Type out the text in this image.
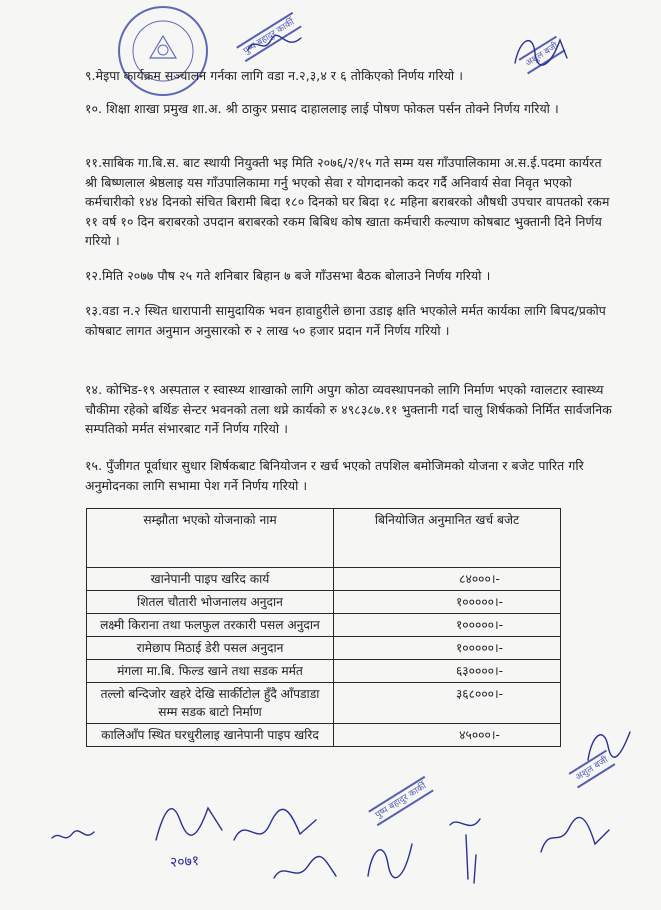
पुष्प बहादुर कार्की	अशुल बजी
९.मेइपा कार्यक्रम सञ्चालन गर्नका लागि वडा न.२,३,४ र ६ तोकिएको निर्णय गरियो ।
१०. शिक्षा शाखा प्रमुख शा.अ. श्री ठाकुर प्रसाद दाहाललाइ लाई पोषण फोकल पर्सन तोक्ने निर्णय गरियो ।
११.साबिक गा.बि.स. बाट स्थायी नियुक्ती भइ मिति २०७६/२/१५ गते सम्म यस गाँउपालिकामा अ.स.ई.पदमा कार्यरत श्री बिष्णलाल श्रेष्ठलाइ यस गाँउपालिकामा गर्नु भएको सेवा र योगदानको कदर गर्दै अनिवार्य सेवा निवृत भएको कर्मचारीको १४४ दिनको संचित बिरामी बिदा १८० दिनको घर बिदा १८ महिना बराबरको औषधी उपचार वापतको रकम ११ वर्ष १० दिन बराबरको उपदान बराबरको रकम बिबिध कोष खाता कर्मचारी कल्याण कोषबाट भुक्तानी दिने निर्णय गरियो ।
१२.मिति २०७७ पौष २५ गते शनिबार बिहान ७ बजे गाँउसभा बैठक बोलाउने निर्णय गरियो ।
१३.वडा न.२ स्थित धारापानी सामुदायिक भवन हावाहुरीले छाना उडाइ क्षति भएकोले मर्मत कार्यका लागि बिपद/प्रकोप कोषबाट लागत अनुमान अनुसारको रु २ लाख ५० हजार प्रदान गर्ने निर्णय गरियो ।
१४. कोभिड-१९ अस्पताल र स्वास्थ्य शाखाको लागि अपुग कोठा व्यवस्थापनको लागि निर्माण भएको ग्वालटार स्वास्थ्य चौकीमा रहेको बर्थिङ सेन्टर भवनको तला थप्ने कार्यको रु ४९८३८७.११ भुक्तानी गर्दा चालु शिर्षकको निर्मित सार्वजनिक सम्पतिको मर्मत संभारबाट गर्ने निर्णय गरियो ।
१५. पुँजीगत पूर्वाधार सुधार शिर्षकबाट बिनियोजन र खर्च भएको तपशिल बमोजिमको योजना र बजेट पारित गरि अनुमोदनका लागि सभामा पेश गर्ने निर्णय गरियो ।
सम्झौता भएको योजनाको नाम	बिनियोजित अनुमानित खर्च बजेट
खानेपानी पाइप खरिद कार्य	८४०००।-
शितल चौतारी भोजनालय अनुदान	१०००००।-
लक्ष्मी किराना तथा फलफुल तरकारी पसल अनुदान	१०००००।-
रामेछाप मिठाई डेरी पसल अनुदान	१०००००।-
मंगला मा.बि. फिल्ड खाने तथा सडक मर्मत	६३००००।-
तल्लो बन्दिजोर खहरे देखि सार्कीटोल हुँदै आँपडाडा सम्म सडक बाटो निर्माण	३६८०००।-
कालिआँप स्थित घरधुरीलाइ खानेपानी पाइप खरिद	४५०००।-
अशुल बजी
पुष्प बहादुर कार्की
२०७१
